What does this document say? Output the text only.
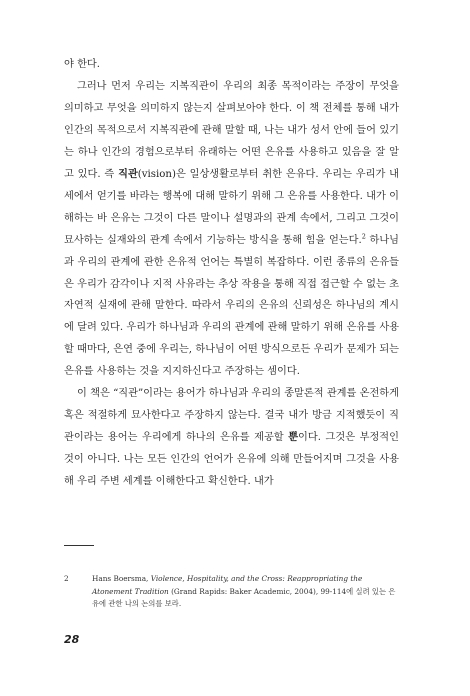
야 한다.

그러나 먼저 우리는 지복직관이 우리의 최종 목적이라는 주장이 무엇을 의미하고 무엇을 의미하지 않는지 살펴보아야 한다. 이 책 전체를 통해 내가 인간의 목적으로서 지복직관에 관해 말할 때, 나는 내가 성서 안에 들어 있기는 하나 인간의 경험으로부터 유래하는 어떤 은유를 사용하고 있음을 잘 알고 있다. 즉 직관(vision)은 일상생활로부터 취한 은유다. 우리는 우리가 내세에서 얻기를 바라는 행복에 대해 말하기 위해 그 은유를 사용한다. 내가 이해하는 바 은유는 그것이 다른 말이나 설명과의 관계 속에서, 그리고 그것이 묘사하는 실재와의 관계 속에서 기능하는 방식을 통해 힘을 얻는다.$^2$ 하나님과 우리의 관계에 관한 은유적 언어는 특별히 복잡하다. 이런 종류의 은유들은 우리가 감각이나 지적 사유라는 추상 작용을 통해 직접 접근할 수 없는 초자연적 실재에 관해 말한다. 따라서 우리의 은유의 신뢰성은 하나님의 계시에 달려 있다. 우리가 하나님과 우리의 관계에 관해 말하기 위해 은유를 사용할 때마다, 은연 중에 우리는, 하나님이 어떤 방식으로든 우리가 문제가 되는 은유를 사용하는 것을 지지하신다고 주장하는 셈이다.

이 책은 “직관”이라는 용어가 하나님과 우리의 종말론적 관계를 온전하게 혹은 적절하게 묘사한다고 주장하지 않는다. 결국 내가 방금 지적했듯이 직관이라는 용어는 우리에게 하나의 은유를 제공할 뿐이다. 그것은 부정적인 것이 아니다. 나는 모든 인간의 언어가 은유에 의해 만들어지며 그것을 사용해 우리 주변 세계를 이해한다고 확신한다. 내가

2	Hans Boersma, Violence, Hospitality, and the Cross: Reappropriating the Atonement Tradition (Grand Rapids: Baker Academic, 2004), 99-114에 실려 있는 은유에 관한 나의 논의를 보라.
28
